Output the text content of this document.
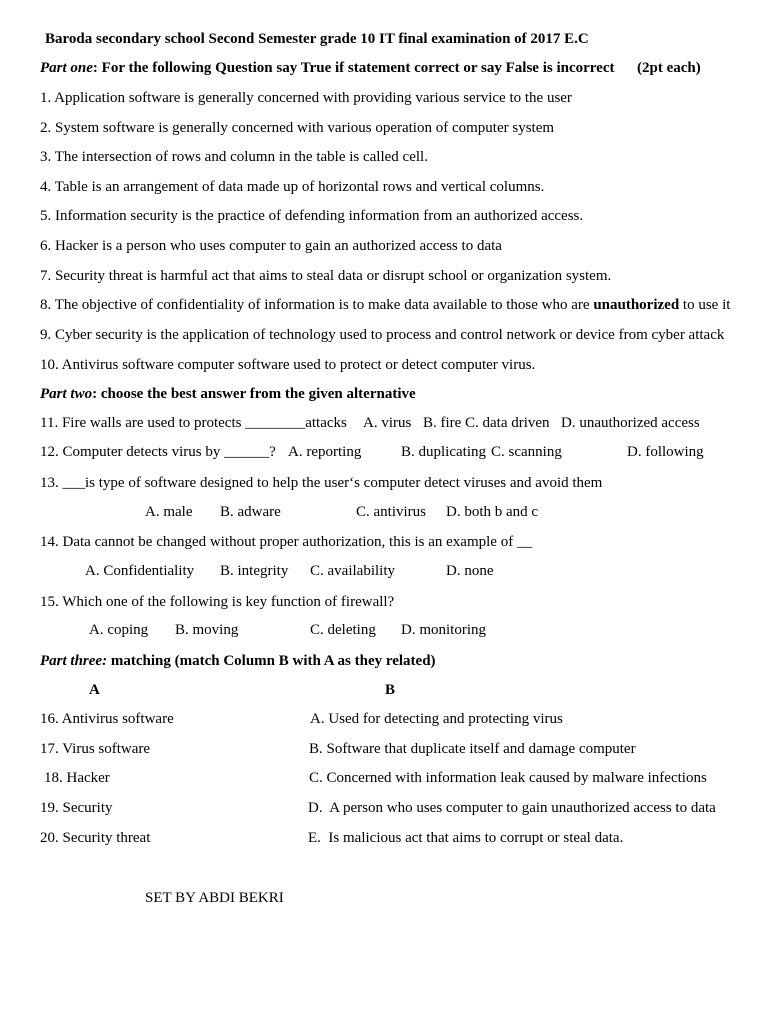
Baroda secondary school Second Semester grade 10 IT final examination of 2017 E.C
Part one: For the following Question say True if statement correct or say False is incorrect (2pt each)
1. Application software is generally concerned with providing various service to the user
2. System software is generally concerned with various operation of computer system
3. The intersection of rows and column in the table is called cell.
4. Table is an arrangement of data made up of horizontal rows and vertical columns.
5. Information security is the practice of defending information from an authorized access.
6. Hacker is a person who uses computer to gain an authorized access to data
7. Security threat is harmful act that aims to steal data or disrupt school or organization system.
8. The objective of confidentiality of information is to make data available to those who are unauthorized to use it
9. Cyber security is the application of technology used to process and control network or device from cyber attack
10. Antivirus software computer software used to protect or detect computer virus.
Part two: choose the best answer from the given alternative
11. Fire walls are used to protects ________attacks A. virus B. fire C. data driven D. unauthorized access
12. Computer detects virus by ______? A. reporting	B. duplicating C. scanning	D. following
13. ___is type of software designed to help the user‘s computer detect viruses and avoid them
A. male B. adware	C. antivirus D. both b and c
14. Data cannot be changed without proper authorization, this is an example of __
A. Confidentiality B. integrity C. availability	D. none
15. Which one of the following is key function of firewall?
A. coping B. moving	C. deleting D. monitoring
Part three: matching (match Column B with A as they related)
A	B
16. Antivirus software	A. Used for detecting and protecting virus
17. Virus software	B. Software that duplicate itself and damage computer
18. Hacker	C. Concerned with information leak caused by malware infections
19. Security	D.  A person who uses computer to gain unauthorized access to data
20. Security threat	E.  Is malicious act that aims to corrupt or steal data.
SET BY ABDI BEKRI
